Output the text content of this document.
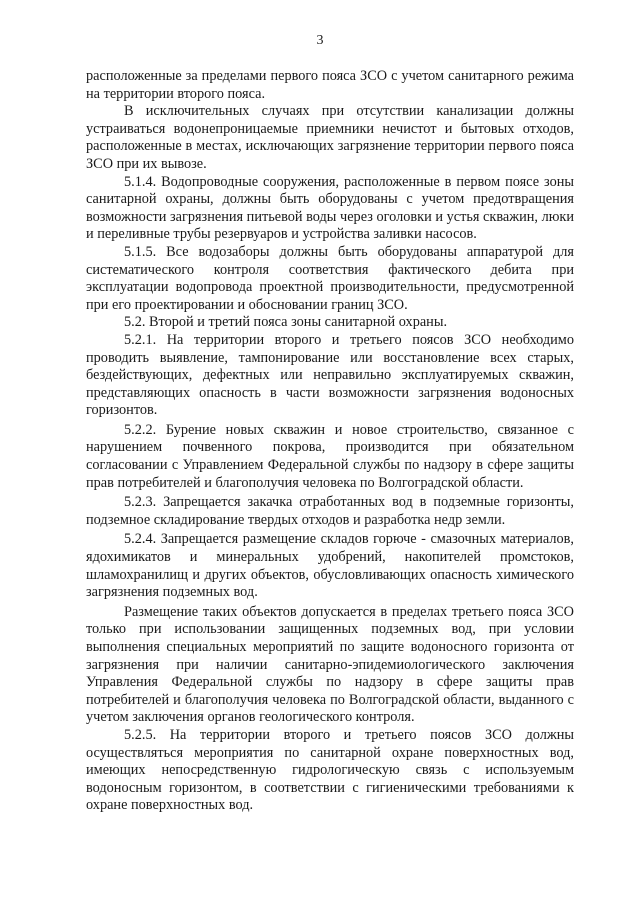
3

расположенные за пределами первого пояса ЗСО с учетом санитарного режима на территории второго пояса.

В исключительных случаях при отсутствии канализации должны устраиваться водонепроницаемые приемники нечистот и бытовых отходов, расположенные в местах, исключающих загрязнение территории первого пояса ЗСО при их вывозе.

5.1.4. Водопроводные сооружения, расположенные в первом поясе зоны санитарной охраны, должны быть оборудованы с учетом предотвращения возможности загрязнения питьевой воды через оголовки и устья скважин, люки и переливные трубы резервуаров и устройства заливки насосов.

5.1.5. Все водозаборы должны быть оборудованы аппаратурой для систематического контроля соответствия фактического дебита при эксплуатации водопровода проектной производительности, предусмотренной при его проектировании и обосновании границ ЗСО.

5.2. Второй и третий пояса зоны санитарной охраны.

5.2.1. На территории второго и третьего поясов ЗСО необходимо проводить выявление, тампонирование или восстановление всех старых, бездействующих, дефектных или неправильно эксплуатируемых скважин, представляющих опасность в части возможности загрязнения водоносных горизонтов.

5.2.2. Бурение новых скважин и новое строительство, связанное с нарушением почвенного покрова, производится при обязательном согласовании с Управлением Федеральной службы по надзору в сфере защиты прав потребителей и благополучия человека по Волгоградской области.

5.2.3. Запрещается закачка отработанных вод в подземные горизонты, подземное складирование твердых отходов и разработка недр земли.

5.2.4. Запрещается размещение складов горюче - смазочных материалов, ядохимикатов и минеральных удобрений, накопителей промстоков, шламохранилищ и других объектов, обусловливающих опасность химического загрязнения подземных вод.

Размещение таких объектов допускается в пределах третьего пояса ЗСО только при использовании защищенных подземных вод, при условии выполнения специальных мероприятий по защите водоносного горизонта от загрязнения при наличии санитарно-эпидемиологического заключения Управления Федеральной службы по надзору в сфере защиты прав потребителей и благополучия человека по Волгоградской области, выданного с учетом заключения органов геологического контроля.

5.2.5. На территории второго и третьего поясов ЗСО должны осуществляться мероприятия по санитарной охране поверхностных вод, имеющих непосредственную гидрологическую связь с используемым водоносным горизонтом, в соответствии с гигиеническими требованиями к охране поверхностных вод.
